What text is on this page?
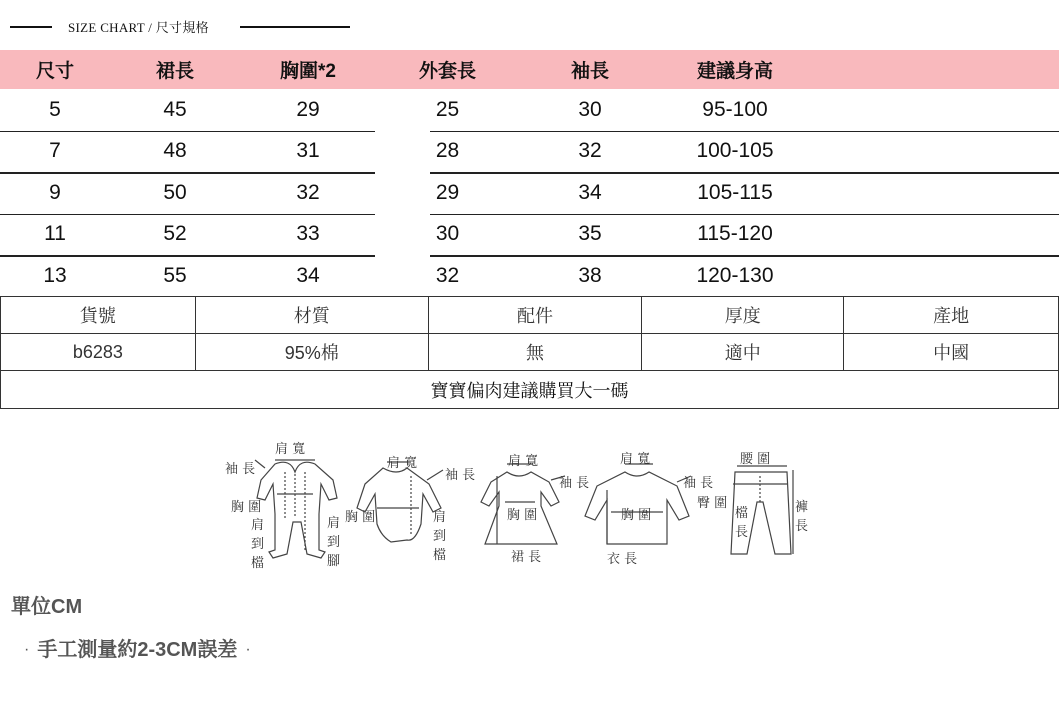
SIZE CHART / 尺寸規格
尺寸	裙長	胸圍*2	外套長	袖長	建議身高
5	45	29	25	30	95-100
7	48	31	28	32	100-105
9	50	32	29	34	105-115
11	52	33	30	35	115-120
13	55	34	32	38	120-130
貨號	材質	配件	厚度	產地
b6283	95%棉	無	適中	中國
寶寶偏肉建議購買大一碼				
肩 寬
袖 長
胸 圍
肩 到 檔
肩 到 腳
肩 寬
袖 長
胸 圍	肩 到 檔
肩 寬
袖 長
胸 圍
裙 長
肩 寬
袖 長
胸 圍
衣 長
腰 圍
臀 圍
檔 長
褲 長
單位CM
· 手工測量約2-3CM誤差 ·
